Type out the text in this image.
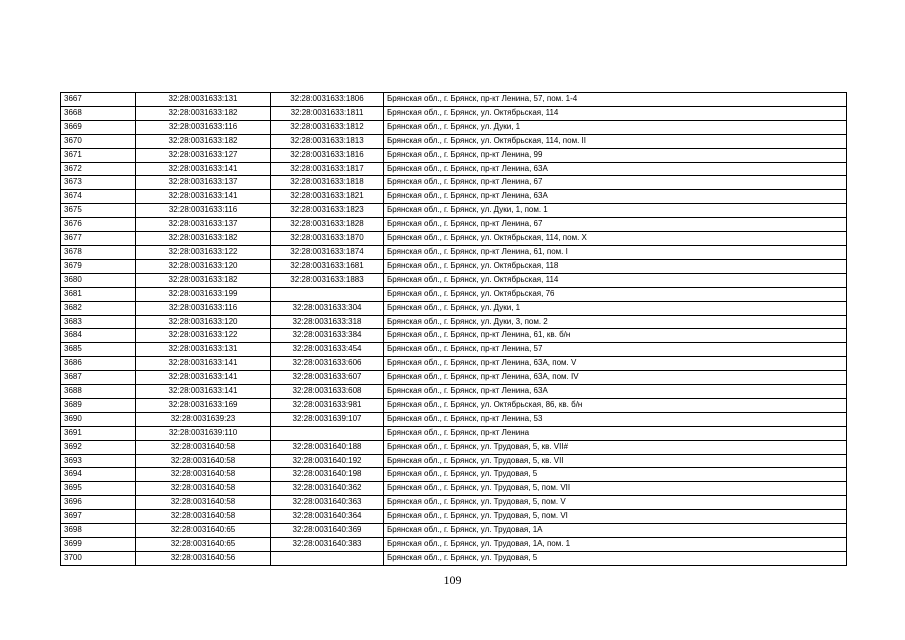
3667	32:28:0031633:131	32:28:0031633:1806	Брянская обл., г. Брянск, пр-кт Ленина, 57, пом. 1-4
3668	32:28:0031633:182	32:28:0031633:1811	Брянская обл., г. Брянск, ул. Октябрьская, 114
3669	32:28:0031633:116	32:28:0031633:1812	Брянская обл., г. Брянск, ул. Дуки, 1
3670	32:28:0031633:182	32:28:0031633:1813	Брянская обл., г. Брянск, ул. Октябрьская, 114, пом. II
3671	32:28:0031633:127	32:28:0031633:1816	Брянская обл., г. Брянск, пр-кт Ленина, 99
3672	32:28:0031633:141	32:28:0031633:1817	Брянская обл., г. Брянск, пр-кт Ленина, 63А
3673	32:28:0031633:137	32:28:0031633:1818	Брянская обл., г. Брянск, пр-кт Ленина, 67
3674	32:28:0031633:141	32:28:0031633:1821	Брянская обл., г. Брянск, пр-кт Ленина, 63А
3675	32:28:0031633:116	32:28:0031633:1823	Брянская обл., г. Брянск, ул. Дуки, 1, пом. 1
3676	32:28:0031633:137	32:28:0031633:1828	Брянская обл., г. Брянск, пр-кт Ленина, 67
3677	32:28:0031633:182	32:28:0031633:1870	Брянская обл., г. Брянск, ул. Октябрьская, 114, пом. X
3678	32:28:0031633:122	32:28:0031633:1874	Брянская обл., г. Брянск, пр-кт Ленина, 61, пом. I
3679	32:28:0031633:120	32:28:0031633:1681	Брянская обл., г. Брянск, ул. Октябрьская, 118
3680	32:28:0031633:182	32:28:0031633:1883	Брянская обл., г. Брянск, ул. Октябрьская, 114
3681	32:28:0031633:199		Брянская обл., г. Брянск, ул. Октябрьская, 76
3682	32:28:0031633:116	32:28:0031633:304	Брянская обл., г. Брянск, ул. Дуки, 1
3683	32:28:0031633:120	32:28:0031633:318	Брянская обл., г. Брянск, ул. Дуки, 3, пом. 2
3684	32:28:0031633:122	32:28:0031633:384	Брянская обл., г. Брянск, пр-кт Ленина, 61, кв. б/н
3685	32:28:0031633:131	32:28:0031633:454	Брянская обл., г. Брянск, пр-кт Ленина, 57
3686	32:28:0031633:141	32:28:0031633:606	Брянская обл., г. Брянск, пр-кт Ленина, 63А, пом. V
3687	32:28:0031633:141	32:28:0031633:607	Брянская обл., г. Брянск, пр-кт Ленина, 63А, пом. IV
3688	32:28:0031633:141	32:28:0031633:608	Брянская обл., г. Брянск, пр-кт Ленина, 63А
3689	32:28:0031633:169	32:28:0031633:981	Брянская обл., г. Брянск, ул. Октябрьская, 86, кв. б/н
3690	32:28:0031639:23	32:28:0031639:107	Брянская обл., г. Брянск, пр-кт Ленина, 53
3691	32:28:0031639:110		Брянская обл., г. Брянск, пр-кт Ленина
3692	32:28:0031640:58	32:28:0031640:188	Брянская обл., г. Брянск, ул. Трудовая, 5, кв. VII#
3693	32:28:0031640:58	32:28:0031640:192	Брянская обл., г. Брянск, ул. Трудовая, 5, кв. VII
3694	32:28:0031640:58	32:28:0031640:198	Брянская обл., г. Брянск, ул. Трудовая, 5
3695	32:28:0031640:58	32:28:0031640:362	Брянская обл., г. Брянск, ул. Трудовая, 5, пом. VII
3696	32:28:0031640:58	32:28:0031640:363	Брянская обл., г. Брянск, ул. Трудовая, 5, пом. V
3697	32:28:0031640:58	32:28:0031640:364	Брянская обл., г. Брянск, ул. Трудовая, 5, пом. VI
3698	32:28:0031640:65	32:28:0031640:369	Брянская обл., г. Брянск, ул. Трудовая, 1А
3699	32:28:0031640:65	32:28:0031640:383	Брянская обл., г. Брянск, ул. Трудовая, 1А, пом. 1
3700	32:28:0031640:56		Брянская обл., г. Брянск, ул. Трудовая, 5
109
